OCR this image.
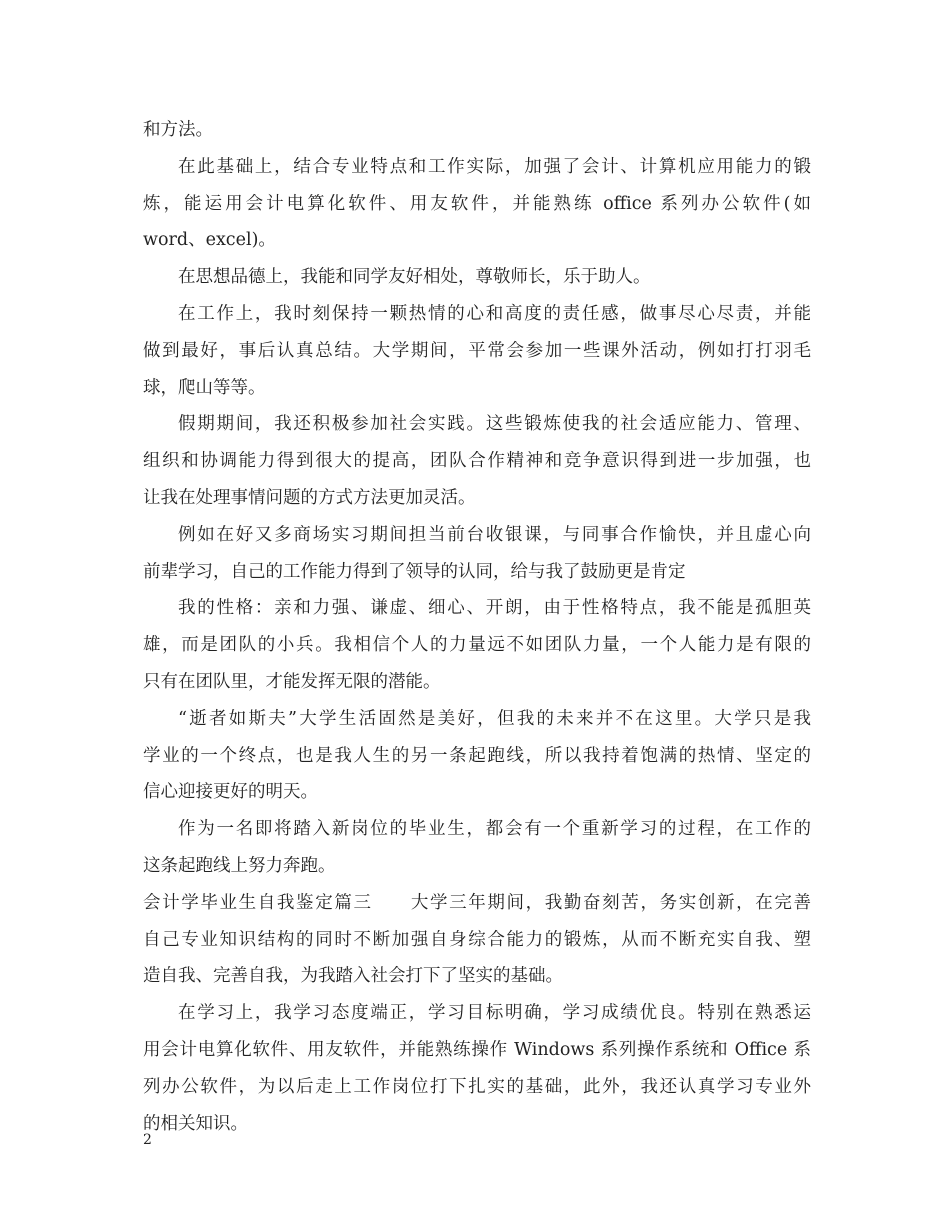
和方法。
在此基础上，结合专业特点和工作实际，加强了会计、计算机应用能力的锻
炼，能运用会计电算化软件、用友软件，并能熟练 office 系列办公软件(如
word、excel)。
在思想品德上，我能和同学友好相处，尊敬师长，乐于助人。
在工作上，我时刻保持一颗热情的心和高度的责任感，做事尽心尽责，并能
做到最好，事后认真总结。大学期间，平常会参加一些课外活动，例如打打羽毛
球，爬山等等。
假期期间，我还积极参加社会实践。这些锻炼使我的社会适应能力、管理、
组织和协调能力得到很大的提高，团队合作精神和竞争意识得到进一步加强，也
让我在处理事情问题的方式方法更加灵活。
例如在好又多商场实习期间担当前台收银课，与同事合作愉快，并且虚心向
前辈学习，自己的工作能力得到了领导的认同，给与我了鼓励更是肯定
我的性格：亲和力强、谦虚、细心、开朗，由于性格特点，我不能是孤胆英
雄，而是团队的小兵。我相信个人的力量远不如团队力量，一个人能力是有限的
只有在团队里，才能发挥无限的潜能。
“逝者如斯夫”大学生活固然是美好，但我的未来并不在这里。大学只是我
学业的一个终点，也是我人生的另一条起跑线，所以我持着饱满的热情、坚定的
信心迎接更好的明天。
作为一名即将踏入新岗位的毕业生，都会有一个重新学习的过程，在工作的
这条起跑线上努力奔跑。
会计学毕业生自我鉴定篇三　　大学三年期间，我勤奋刻苦，务实创新，在完善
自己专业知识结构的同时不断加强自身综合能力的锻炼，从而不断充实自我、塑
造自我、完善自我，为我踏入社会打下了坚实的基础。
在学习上，我学习态度端正，学习目标明确，学习成绩优良。特别在熟悉运
用会计电算化软件、用友软件，并能熟练操作 Windows 系列操作系统和 Office 系
列办公软件，为以后走上工作岗位打下扎实的基础，此外，我还认真学习专业外
的相关知识。
2
